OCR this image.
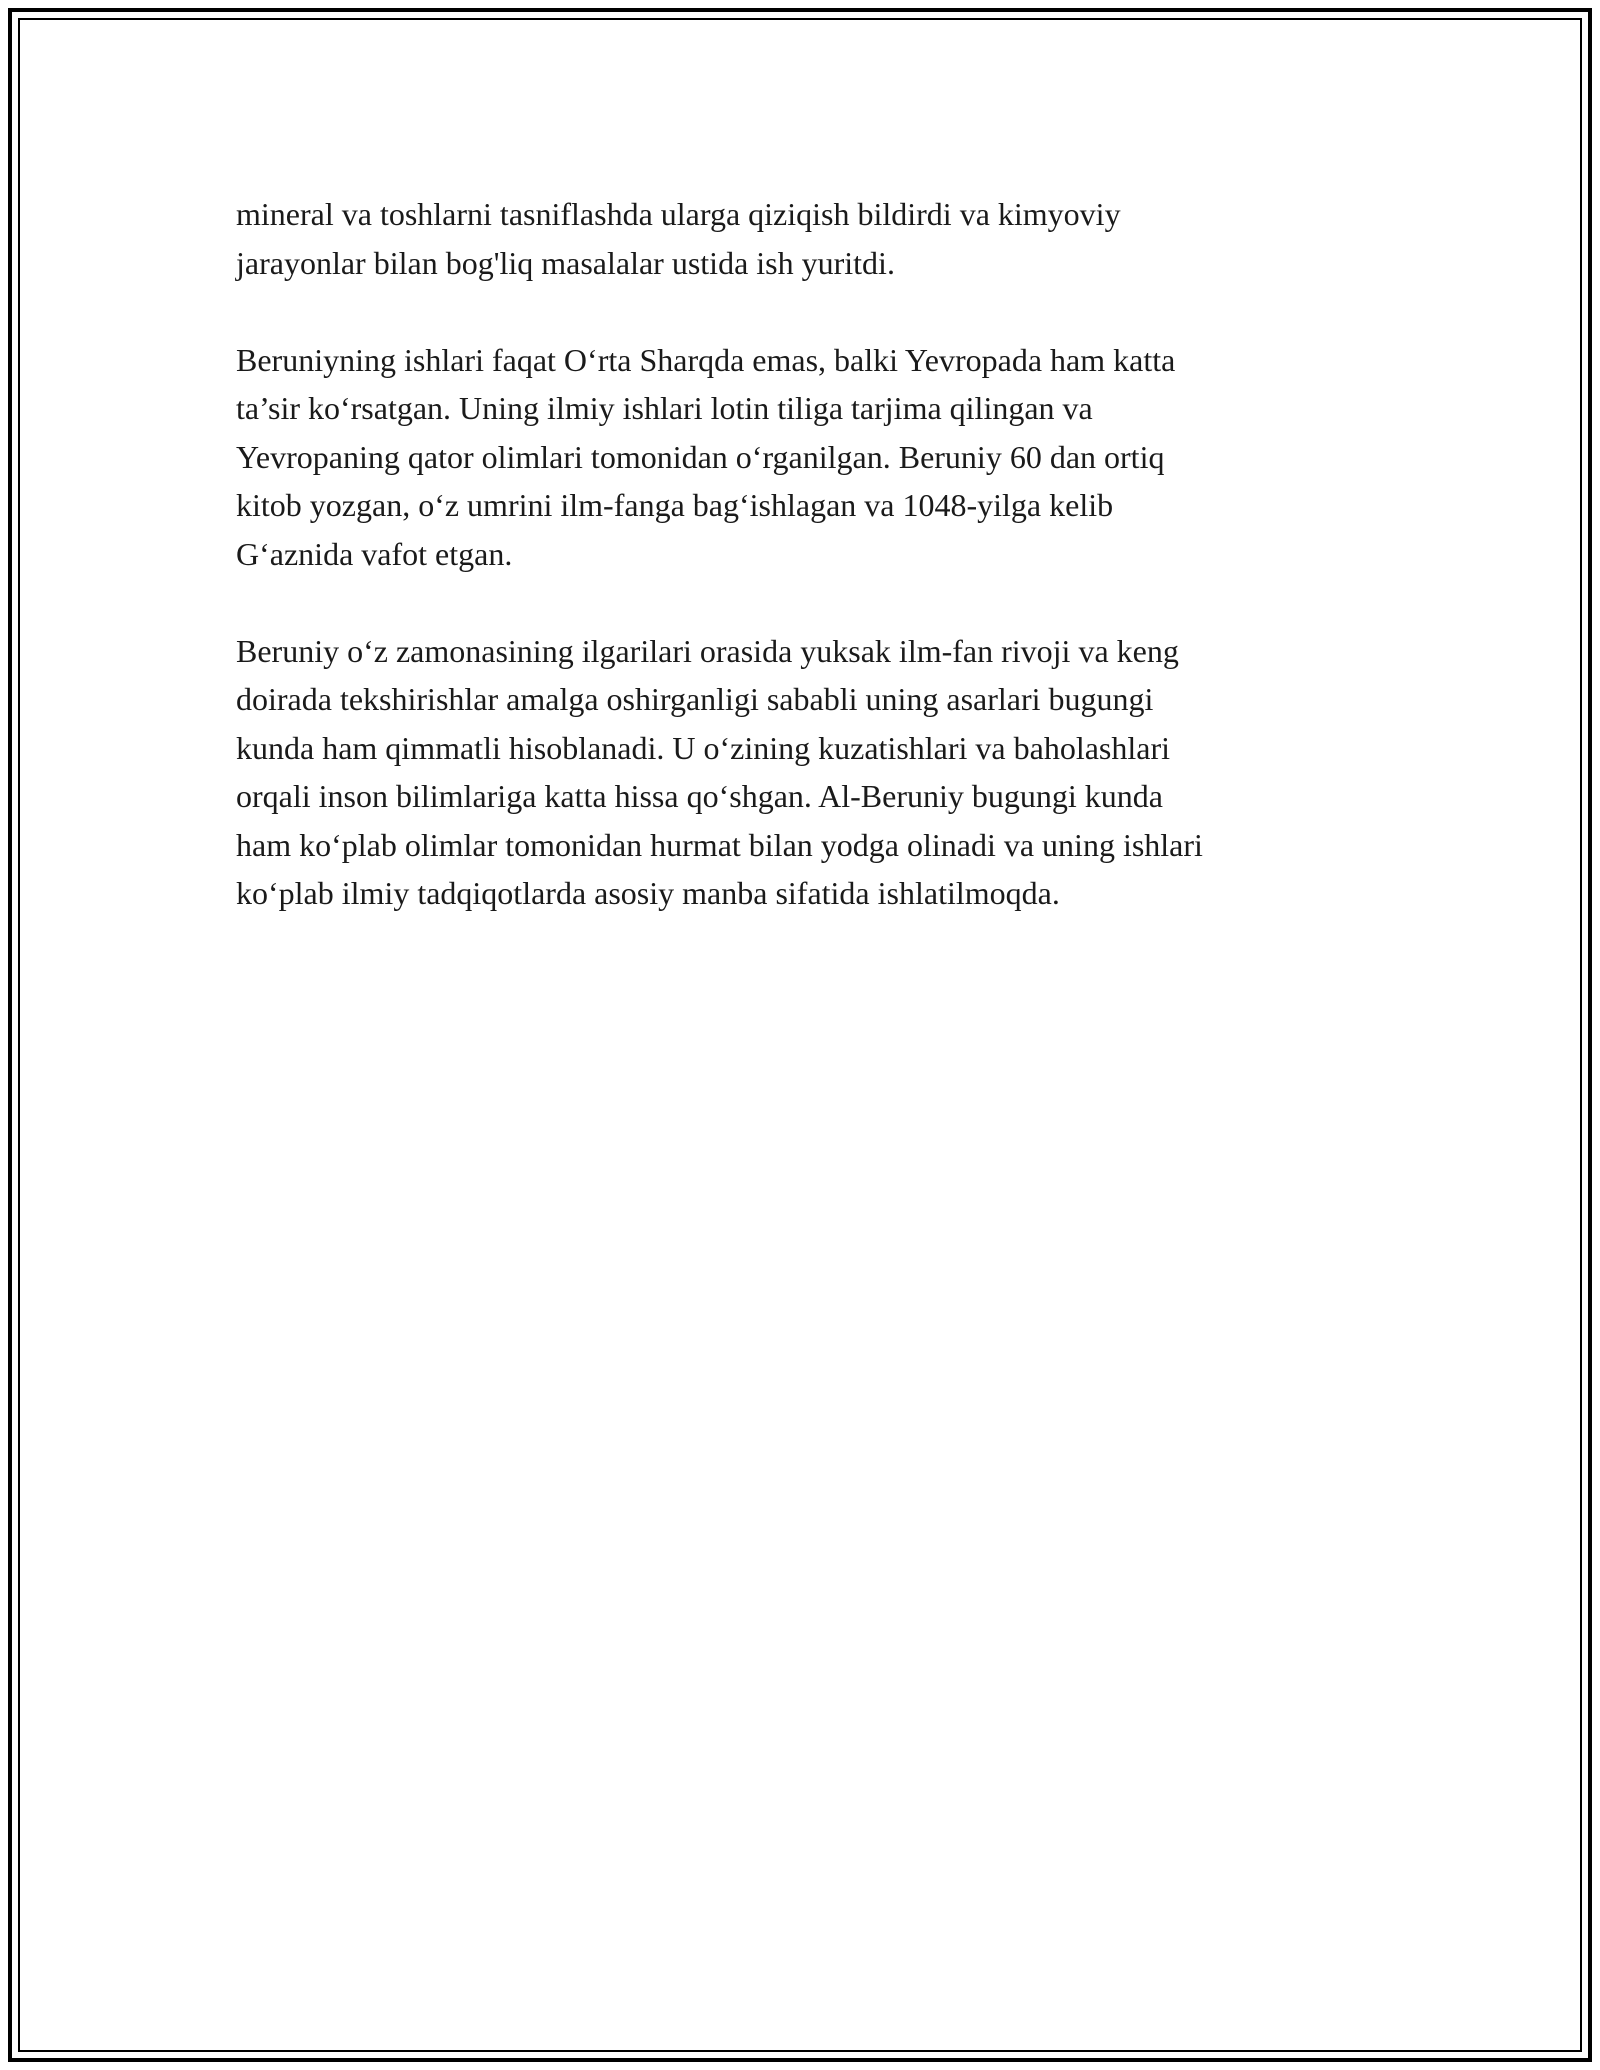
mineral va toshlarni tasniflashda ularga qiziqish bildirdi va kimyoviy
jarayonlar bilan bog'liq masalalar ustida ish yuritdi.

Beruniyning ishlari faqat O‘rta Sharqda emas, balki Yevropada ham katta
ta’sir ko‘rsatgan. Uning ilmiy ishlari lotin tiliga tarjima qilingan va
Yevropaning qator olimlari tomonidan o‘rganilgan. Beruniy 60 dan ortiq
kitob yozgan, o‘z umrini ilm-fanga bag‘ishlagan va 1048-yilga kelib
G‘aznida vafot etgan.

Beruniy o‘z zamonasining ilgarilari orasida yuksak ilm-fan rivoji va keng
doirada tekshirishlar amalga oshirganligi sababli uning asarlari bugungi
kunda ham qimmatli hisoblanadi. U o‘zining kuzatishlari va baholashlari
orqali inson bilimlariga katta hissa qo‘shgan. Al-Beruniy bugungi kunda
ham ko‘plab olimlar tomonidan hurmat bilan yodga olinadi va uning ishlari
ko‘plab ilmiy tadqiqotlarda asosiy manba sifatida ishlatilmoqda.
